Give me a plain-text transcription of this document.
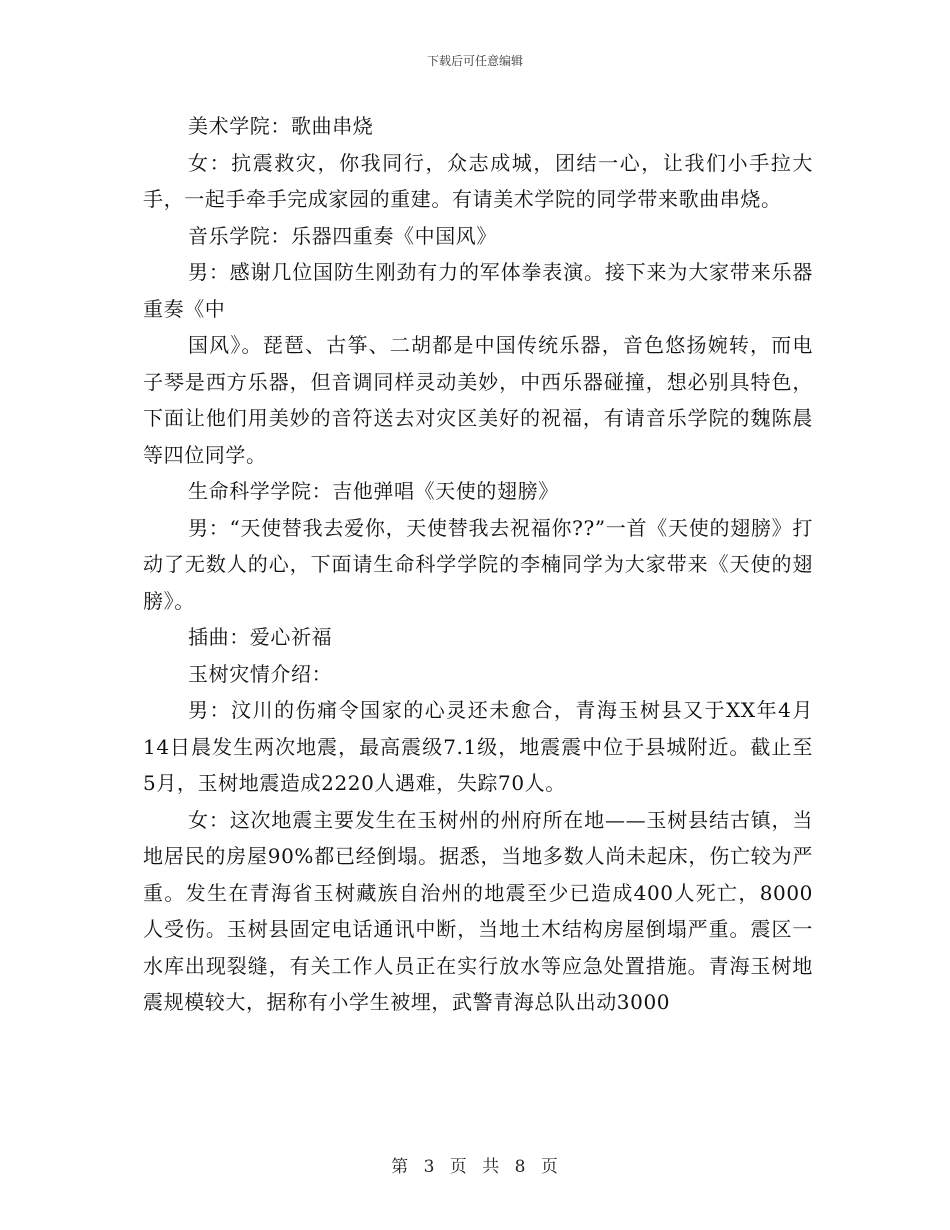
下载后可任意编辑

美术学院：歌曲串烧

女：抗震救灾，你我同行，众志成城，团结一心，让我们小手拉大手，一起手牵手完成家园的重建。有请美术学院的同学带来歌曲串烧。

音乐学院：乐器四重奏《中国风》

男：感谢几位国防生刚劲有力的军体拳表演。接下来为大家带来乐器重奏《中

国风》。琵琶、古筝、二胡都是中国传统乐器，音色悠扬婉转，而电子琴是西方乐器，但音调同样灵动美妙，中西乐器碰撞，想必别具特色，下面让他们用美妙的音符送去对灾区美好的祝福，有请音乐学院的魏陈晨等四位同学。

生命科学学院：吉他弹唱《天使的翅膀》

男：“天使替我去爱你，天使替我去祝福你??”一首《天使的翅膀》打动了无数人的心，下面请生命科学学院的李楠同学为大家带来《天使的翅膀》。

插曲：爱心祈福

玉树灾情介绍：

男：汶川的伤痛令国家的心灵还未愈合，青海玉树县又于XX年4月14日晨发生两次地震，最高震级7.1级，地震震中位于县城附近。截止至5月，玉树地震造成2220人遇难，失踪70人。

女：这次地震主要发生在玉树州的州府所在地——玉树县结古镇，当地居民的房屋90%都已经倒塌。据悉，当地多数人尚未起床，伤亡较为严重。发生在青海省玉树藏族自治州的地震至少已造成400人死亡，8000人受伤。玉树县固定电话通讯中断，当地土木结构房屋倒塌严重。震区一水库出现裂缝，有关工作人员正在实行放水等应急处置措施。青海玉树地震规模较大，据称有小学生被埋，武警青海总队出动3000

第 3 页 共 8 页
